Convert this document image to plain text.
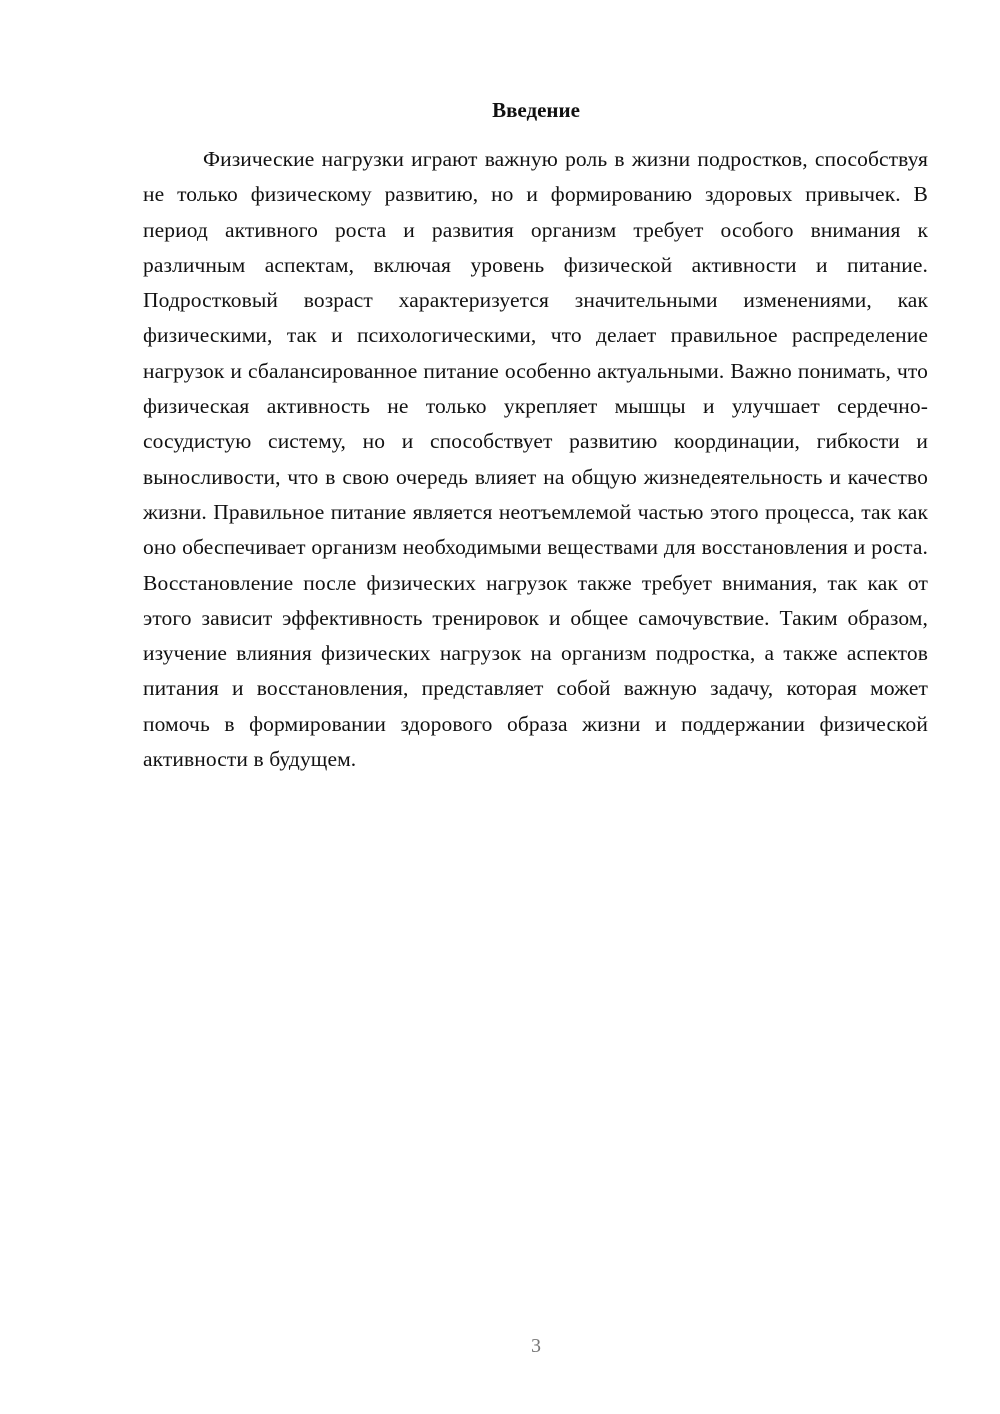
Введение

Физические нагрузки играют важную роль в жизни подростков, способствуя не только физическому развитию, но и формированию здоровых привычек. В период активного роста и развития организм требует особого внимания к различным аспектам, включая уровень физической активности и питание. Подростковый возраст характеризуется значительными изменениями, как физическими, так и психологическими, что делает правильное распределение нагрузок и сбалансированное питание особенно актуальными. Важно понимать, что физическая активность не только укрепляет мышцы и улучшает сердечно-сосудистую систему, но и способствует развитию координации, гибкости и выносливости, что в свою очередь влияет на общую жизнедеятельность и качество жизни. Правильное питание является неотъемлемой частью этого процесса, так как оно обеспечивает организм необходимыми веществами для восстановления и роста. Восстановление после физических нагрузок также требует внимания, так как от этого зависит эффективность тренировок и общее самочувствие. Таким образом, изучение влияния физических нагрузок на организм подростка, а также аспектов питания и восстановления, представляет собой важную задачу, которая может помочь в формировании здорового образа жизни и поддержании физической активности в будущем.

3
